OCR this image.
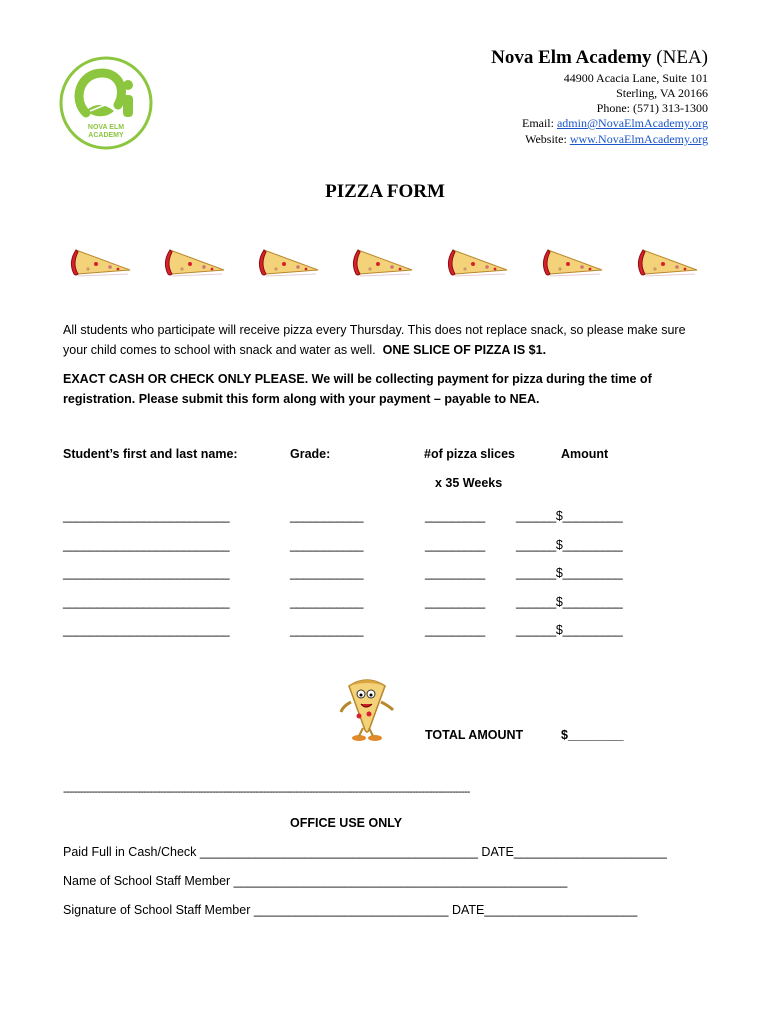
NOVA ELM
ACADEMY
Nova Elm Academy (NEA)
44900 Acacia Lane, Suite 101
Sterling, VA 20166
Phone: (571) 313-1300
Email: admin@NovaElmAcademy.org
Website: www.NovaElmAcademy.org
PIZZA FORM
All students who participate will receive pizza every Thursday. This does not replace snack, so please make sure your child comes to school with snack and water as well. ONE SLICE OF PIZZA IS $1.
EXACT CASH OR CHECK ONLY PLEASE. We will be collecting payment for pizza during the time of registration. Please submit this form along with your payment – payable to NEA.
Student’s first and last name:	Grade:	#of pizza slices	Amount
x 35 Weeks
_________________________	___________	_________ ______$_________
_________________________	___________	_________ ______$_________
_________________________	___________	_________ ______$_________
_________________________	___________	_________ ______$_________
_________________________	___________	_________ ______$_________
TOTAL AMOUNT	$________
----------------------------------------------------------------------------------------------------------------------------------------------
OFFICE USE ONLY
Paid Full in Cash/Check ________________________________________ DATE______________________
Name of School Staff Member ________________________________________________
Signature of School Staff Member ____________________________ DATE______________________
